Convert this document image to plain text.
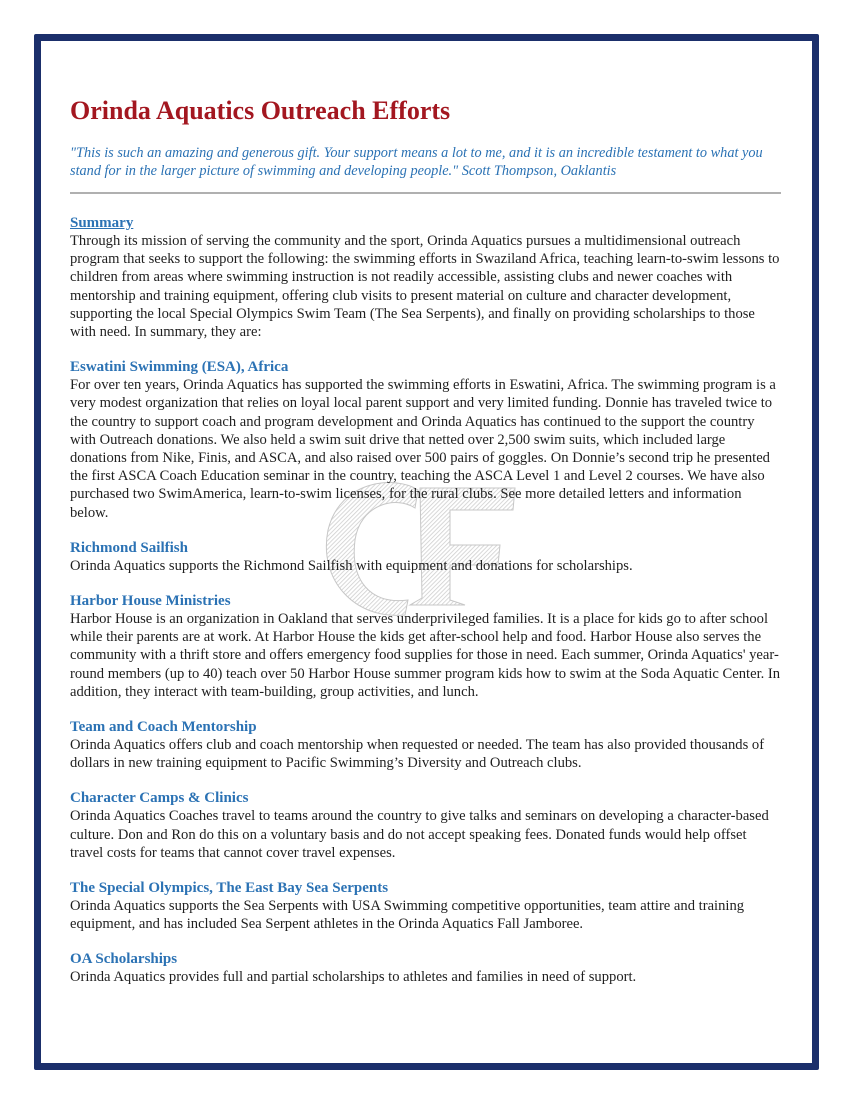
Orinda Aquatics Outreach Efforts

"This is such an amazing and generous gift. Your support means a lot to me, and it is an incredible testament to what you stand for in the larger picture of swimming and developing people." Scott Thompson, Oaklantis

Summary

Through its mission of serving the community and the sport, Orinda Aquatics pursues a multidimensional outreach program that seeks to support the following: the swimming efforts in Swaziland Africa, teaching learn-to-swim lessons to children from areas where swimming instruction is not readily accessible, assisting clubs and newer coaches with mentorship and training equipment, offering club visits to present material on culture and character development, supporting the local Special Olympics Swim Team (The Sea Serpents), and finally on providing scholarships to those with need. In summary, they are:

Eswatini Swimming (ESA), Africa

For over ten years, Orinda Aquatics has supported the swimming efforts in Eswatini, Africa. The swimming program is a very modest organization that relies on loyal local parent support and very limited funding. Donnie has traveled twice to the country to support coach and program development and Orinda Aquatics has continued to the support the country with Outreach donations. We also held a swim suit drive that netted over 2,500 swim suits, which included large donations from Nike, Finis, and ASCA, and also raised over 500 pairs of goggles. On Donnie’s second trip he presented the first ASCA Coach Education seminar in the country, teaching the ASCA Level 1 and Level 2 courses. We have also purchased two SwimAmerica, learn-to-swim licenses, for the rural clubs. See more detailed letters and information below.

Richmond Sailfish

Orinda Aquatics supports the Richmond Sailfish with equipment and donations for scholarships.

Harbor House Ministries

Harbor House is an organization in Oakland that serves underprivileged families. It is a place for kids go to after school while their parents are at work. At Harbor House the kids get after-school help and food. Harbor House also serves the community with a thrift store and offers emergency food supplies for those in need. Each summer, Orinda Aquatics' year-round members (up to 40) teach over 50 Harbor House summer program kids how to swim at the Soda Aquatic Center. In addition, they interact with team-building, group activities, and lunch.

Team and Coach Mentorship

Orinda Aquatics offers club and coach mentorship when requested or needed. The team has also provided thousands of dollars in new training equipment to Pacific Swimming’s Diversity and Outreach clubs.

Character Camps & Clinics

Orinda Aquatics Coaches travel to teams around the country to give talks and seminars on developing a character-based culture. Don and Ron do this on a voluntary basis and do not accept speaking fees. Donated funds would help offset travel costs for teams that cannot cover travel expenses.

The Special Olympics, The East Bay Sea Serpents

Orinda Aquatics supports the Sea Serpents with USA Swimming competitive opportunities, team attire and training equipment, and has included Sea Serpent athletes in the Orinda Aquatics Fall Jamboree.

OA Scholarships

Orinda Aquatics provides full and partial scholarships to athletes and families in need of support.
